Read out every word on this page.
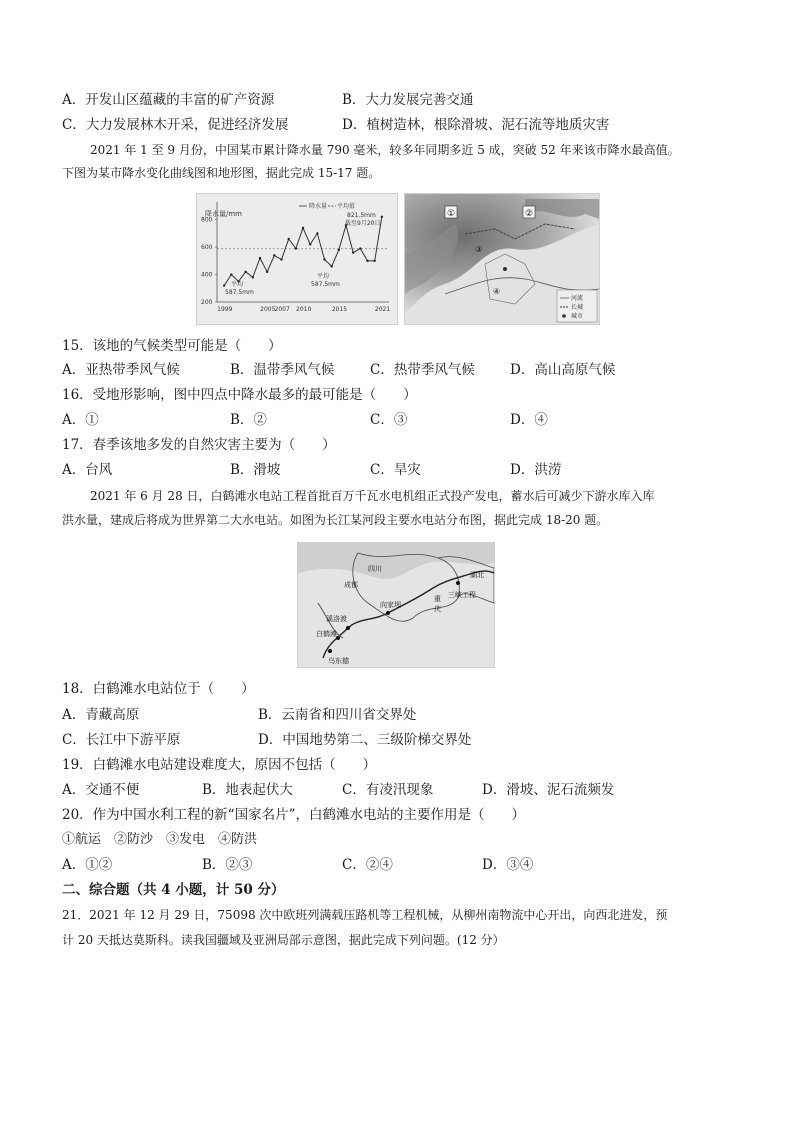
A．开发山区蕴藏的丰富的矿产资源	B．大力发展完善交通
C．大力发展林木开采，促进经济发展	D．植树造林，根除滑坡、泥石流等地质灾害
2021 年 1 至 9 月份，中国某市累计降水量 790 毫米，较多年同期多近 5 成，突破 52 年来该市降水最高值。
下图为某市降水变化曲线图和地形图，据此完成 15-17 题。
降水量/mm
降水量 平均值
200
400
600
800
1999	2005 2007 2010	2015	2021
平均
587.5mm
平均
587.5mm
821.5mm
截至9月20日
①	②
③
④
河流
长城
城市
15．该地的气候类型可能是（　　）
A．亚热带季风气候	B．温带季风气候	C．热带季风气候	D．高山高原气候
16．受地形影响，图中四点中降水最多的最可能是（　　）
A．①	B．②	C．③	D．④
17．春季该地多发的自然灾害主要为（　　）
A．台风	B．滑坡	C．旱灾	D．洪涝
2021 年 6 月 28 日，白鹤滩水电站工程首批百万千瓦水电机组正式投产发电，蓄水后可减少下游水库入库
洪水量，建成后将成为世界第二大水电站。如图为长江某河段主要水电站分布图，据此完成 18-20 题。
四川
湖北
成都
重
庆
三峡工程
向家坝
溪洛渡
白鹤滩
乌东德
18．白鹤滩水电站位于（　　）
A．青藏高原	B．云南省和四川省交界处
C．长江中下游平原	D．中国地势第二、三级阶梯交界处
19．白鹤滩水电站建设难度大，原因不包括（　　）
A．交通不便	B．地表起伏大	C．有凌汛现象	D．滑坡、泥石流频发
20．作为中国水利工程的新“国家名片”，白鹤滩水电站的主要作用是（　　）
①航运　②防沙　③发电　④防洪
A．①②	B．②③	C．②④	D．③④
二、综合题（共 4 小题，计 50 分）
21．2021 年 12 月 29 日，75098 次中欧班列满载压路机等工程机械，从柳州南物流中心开出，向西北进发，预
计 20 天抵达莫斯科。读我国疆域及亚洲局部示意图，据此完成下列问题。(12 分）
